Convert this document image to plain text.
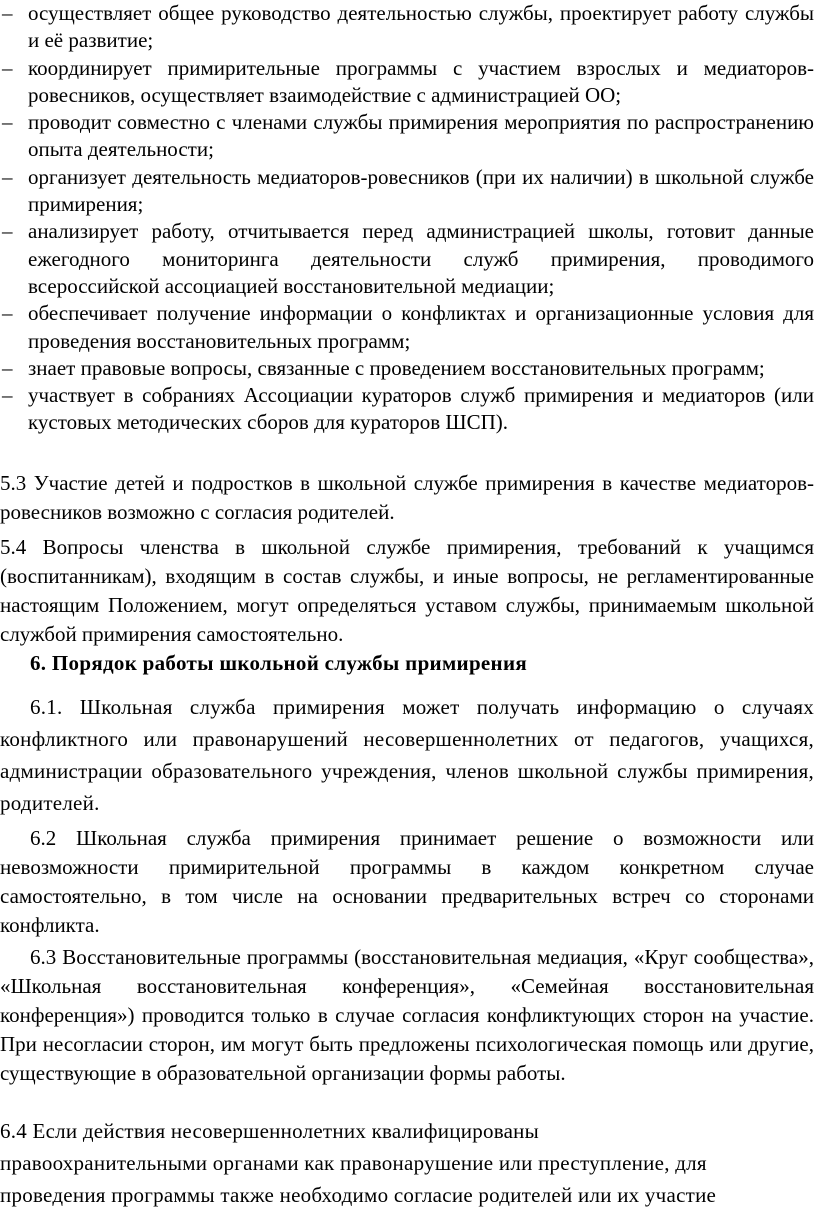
– осуществляет общее руководство деятельностью службы, проектирует работу службы и её развитие;
– координирует примирительные программы с участием взрослых и медиаторов-ровесников, осуществляет взаимодействие с администрацией ОО;
– проводит совместно с членами службы примирения мероприятия по распространению опыта деятельности;
– организует деятельность медиаторов-ровесников (при их наличии) в школьной службе примирения;
– анализирует работу, отчитывается перед администрацией школы, готовит данные ежегодного мониторинга деятельности служб примирения, проводимого всероссийской ассоциацией восстановительной медиации;
– обеспечивает получение информации о конфликтах и организационные условия для проведения восстановительных программ;
– знает правовые вопросы, связанные с проведением восстановительных программ;
– участвует в собраниях Ассоциации кураторов служб примирения и медиаторов (или кустовых методических сборов для кураторов ШСП).

5.3 Участие детей и подростков в школьной службе примирения в качестве медиаторов-ровесников возможно с согласия родителей.

5.4 Вопросы членства в школьной службе примирения, требований к учащимся (воспитанникам), входящим в состав службы, и иные вопросы, не регламентированные настоящим Положением, могут определяться уставом службы, принимаемым школьной службой примирения самостоятельно.

6. Порядок работы школьной службы примирения

6.1. Школьная служба примирения может получать информацию о случаях конфликтного или правонарушений несовершеннолетних от педагогов, учащихся, администрации образовательного учреждения, членов школьной службы примирения, родителей.

6.2 Школьная служба примирения принимает решение о возможности или невозможности примирительной программы в каждом конкретном случае самостоятельно, в том числе на основании предварительных встреч со сторонами конфликта.

6.3 Восстановительные программы (восстановительная медиация, «Круг сообщества», «Школьная восстановительная конференция», «Семейная восстановительная конференция») проводится только в случае согласия конфликтующих сторон на участие. При несогласии сторон, им могут быть предложены психологическая помощь или другие, существующие в образовательной организации формы работы.

6.4 Если действия несовершеннолетних квалифицированы
правоохранительными органами как правонарушение или преступление, для
проведения программы также необходимо согласие родителей или их участие
